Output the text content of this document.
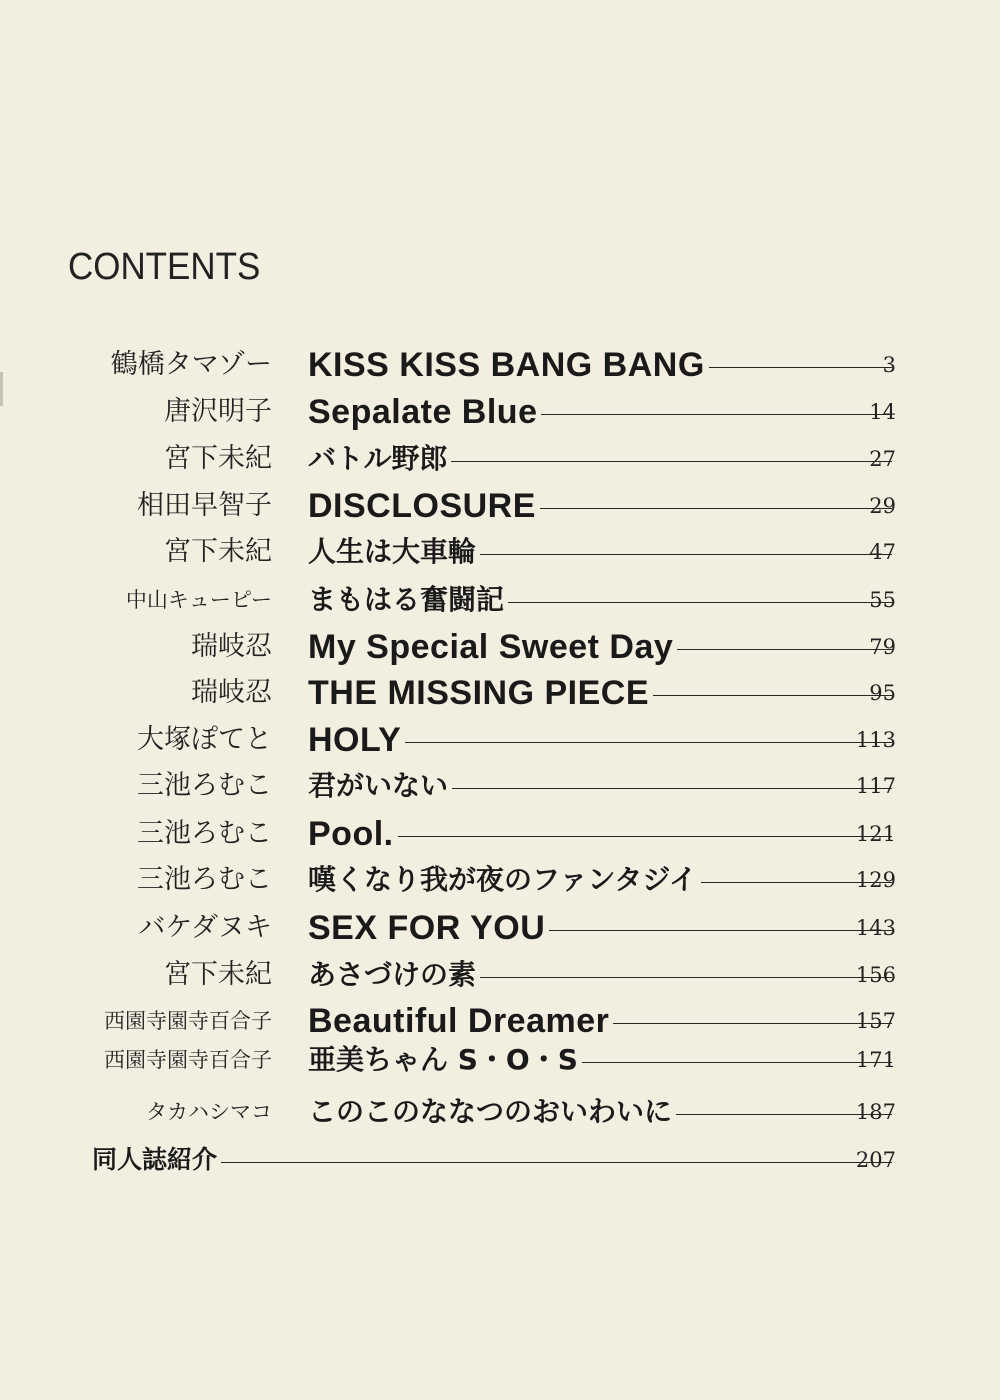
CONTENTS
鶴橋タマゾー KISS KISS BANG BANG	3
唐沢明子 Sepalate Blue	14
宮下未紀 バトル野郎	27
相田早智子 DISCLOSURE	29
宮下未紀 人生は大車輪	47
中山キューピー まもはる奮闘記	55
瑞岐忍 My Special Sweet Day	79
瑞岐忍 THE MISSING PIECE	95
大塚ぽてと HOLY	113
三池ろむこ 君がいない	117
三池ろむこ Pool.	121
三池ろむこ 嘆くなり我が夜のファンタジイ	129
バケダヌキ SEX FOR YOU	143
宮下未紀 あさづけの素	156
西園寺園寺百合子 Beautiful Dreamer	157
西園寺園寺百合子 亜美ちゃん S・O・S	171
タカハシマコ このこのななつのおいわいに	187
同人誌紹介	207
